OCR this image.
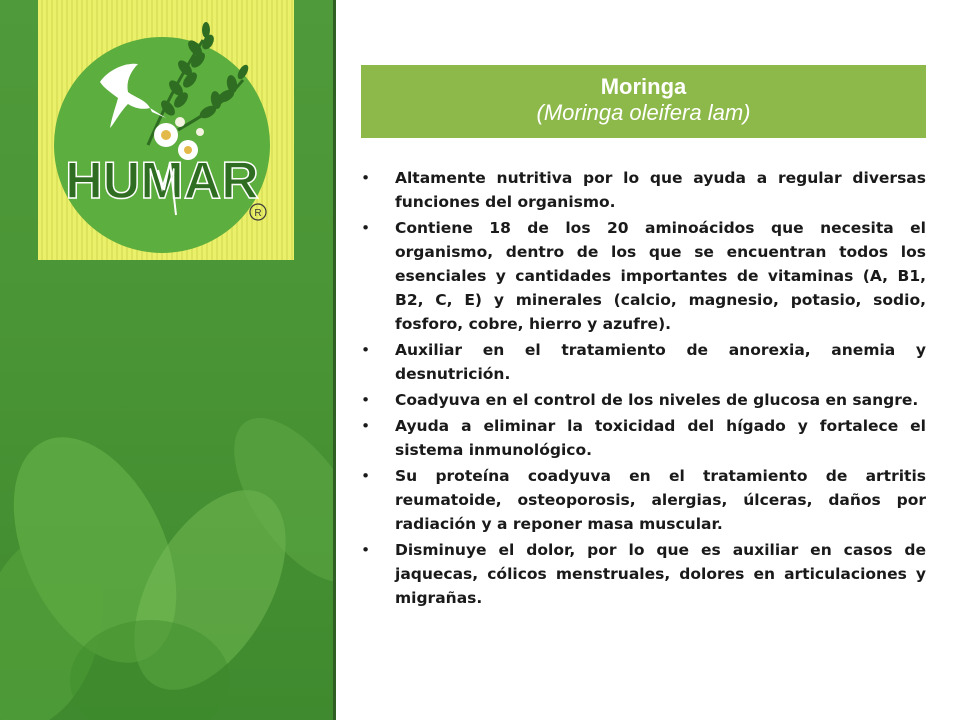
HUMAR
R
Moringa
(Moringa oleifera lam)
• Altamente nutritiva por lo que ayuda a regular diversas funciones del organismo.
• Contiene 18 de los 20 aminoácidos que necesita el organismo, dentro de los que se encuentran todos los esenciales y cantidades importantes de vitaminas (A, B1, B2, C, E) y minerales (calcio, magnesio, potasio, sodio, fosforo, cobre, hierro y azufre).
• Auxiliar en el tratamiento de anorexia, anemia y desnutrición.
• Coadyuva en el control de los niveles de glucosa en sangre.
• Ayuda a eliminar la toxicidad del hígado y fortalece el sistema inmunológico.
• Su proteína coadyuva en el tratamiento de artritis reumatoide, osteoporosis, alergias, úlceras, daños por radiación y a reponer masa muscular.
• Disminuye el dolor, por lo que es auxiliar en casos de jaquecas, cólicos menstruales, dolores en articulaciones y migrañas.
